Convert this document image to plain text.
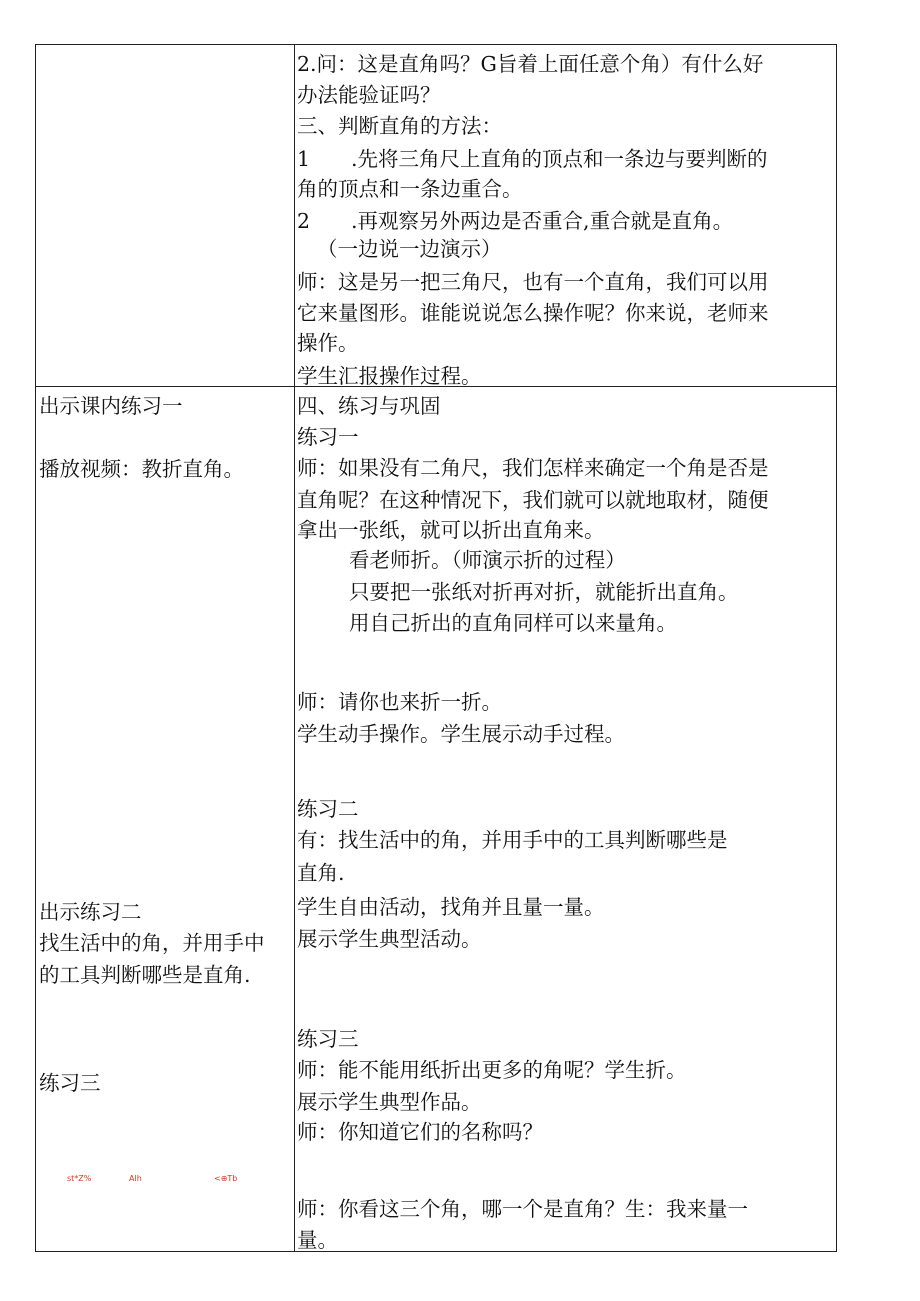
2.问：这是直角吗？G旨着上面任意个角）有什么好
办法能验证吗？
三、判断直角的方法：
1　　.先将三角尺上直角的顶点和一条边与要判断的
角的顶点和一条边重合。
2　　.再观察另外两边是否重合,重合就是直角。
（一边说一边演示）
师：这是另一把三角尺，也有一个直角，我们可以用
它来量图形。谁能说说怎么操作呢？你来说，老师来
操作。
学生汇报操作过程。
出示课内练习一
播放视频：教折直角。
出示练习二
找生活中的角，并用手中
的工具判断哪些是直角.
练习三
st*Z%	Alh	<⊕Tb
四、练习与巩固
练习一
师：如果没有二角尺，我们怎样来确定一个角是否是
直角呢？在这种情况下，我们就可以就地取材，随便
拿出一张纸，就可以折出直角来。
看老师折。（师演示折的过程）
只要把一张纸对折再对折，就能折出直角。
用自己折出的直角同样可以来量角。
师：请你也来折一折。
学生动手操作。学生展示动手过程。
练习二
有：找生活中的角，并用手中的工具判断哪些是
直角.
学生自由活动，找角并且量一量。
展示学生典型活动。
练习三
师：能不能用纸折出更多的角呢？学生折。
展示学生典型作品。
师：你知道它们的名称吗？
师：你看这三个角，哪一个是直角？生：我来量一
量。
